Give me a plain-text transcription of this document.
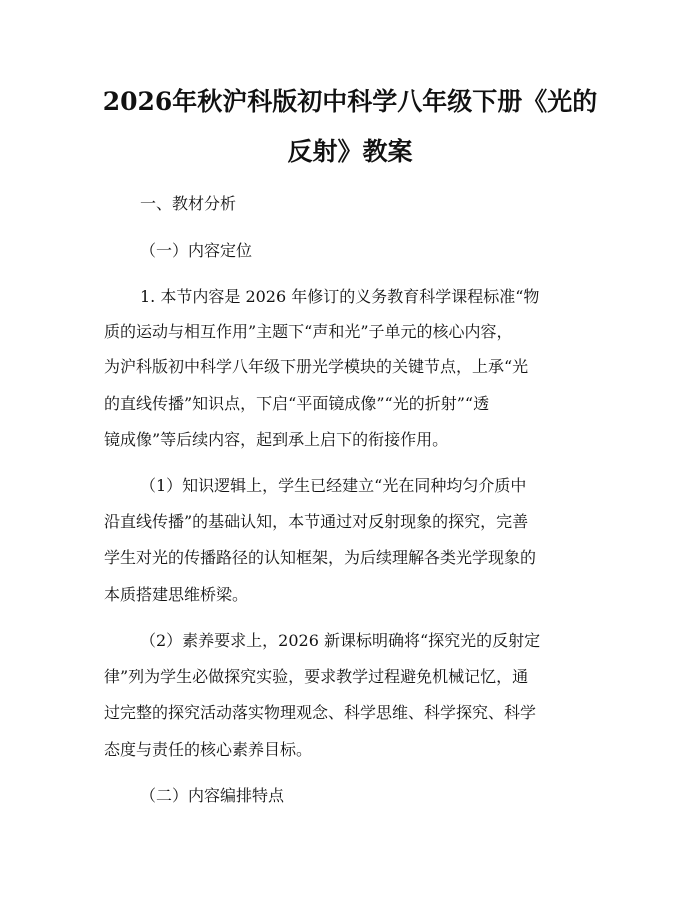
2026年秋沪科版初中科学八年级下册《光的
反射》教案
一、教材分析
（一）内容定位
1. 本节内容是 2026 年修订的义务教育科学课程标准“物
质的运动与相互作用”主题下“声和光”子单元的核心内容，
为沪科版初中科学八年级下册光学模块的关键节点，上承“光
的直线传播”知识点，下启“平面镜成像”“光的折射”“透
镜成像”等后续内容，起到承上启下的衔接作用。
（1）知识逻辑上，学生已经建立“光在同种均匀介质中
沿直线传播”的基础认知，本节通过对反射现象的探究，完善
学生对光的传播路径的认知框架，为后续理解各类光学现象的
本质搭建思维桥梁。
（2）素养要求上，2026 新课标明确将“探究光的反射定
律”列为学生必做探究实验，要求教学过程避免机械记忆，通
过完整的探究活动落实物理观念、科学思维、科学探究、科学
态度与责任的核心素养目标。
（二）内容编排特点
